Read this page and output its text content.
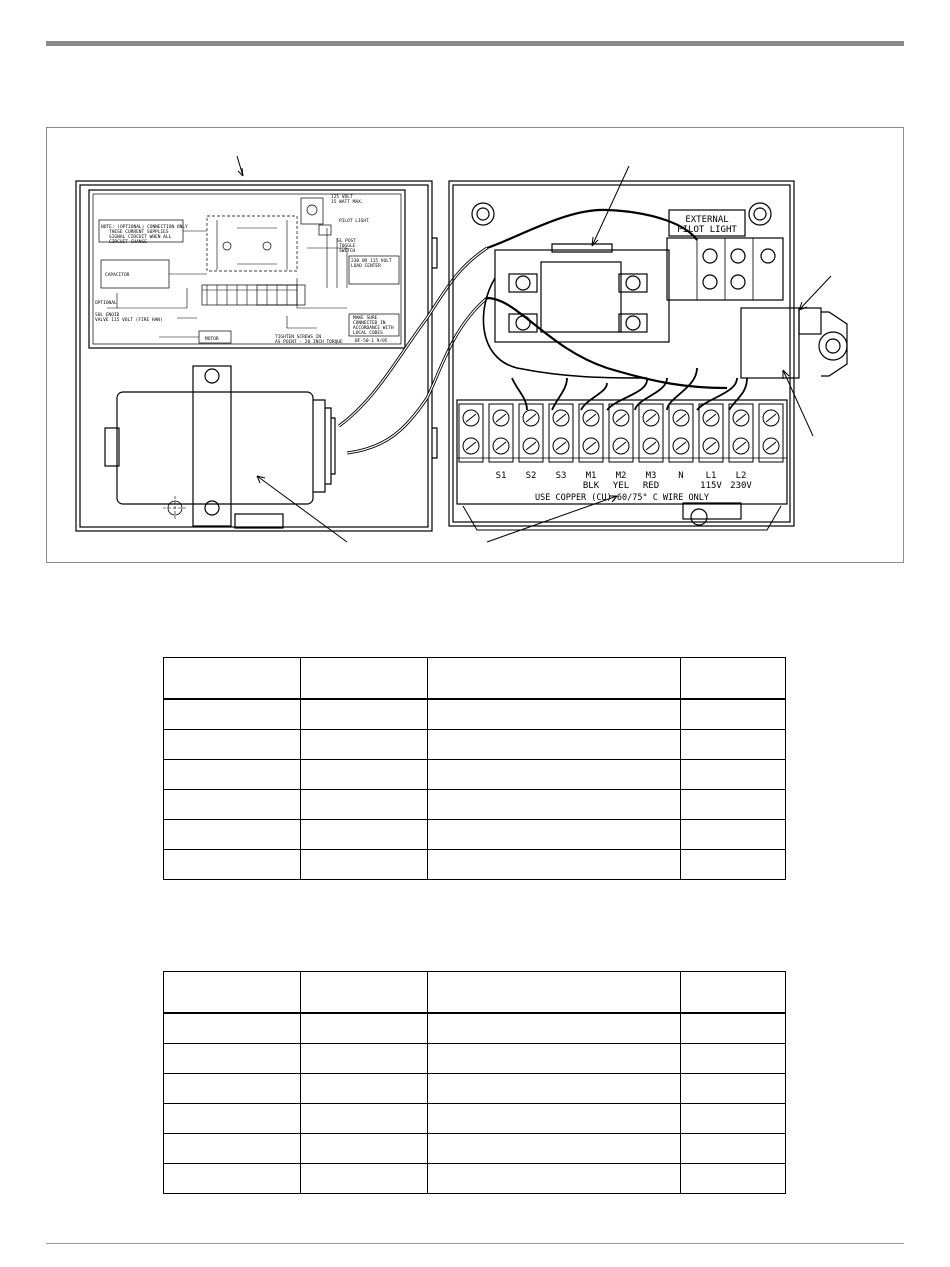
NOTE: (OPTIONAL) CONNECTION ONLY
THESE CURRENT SUPPLIES
SIGNAL CIRCUIT WHEN ALL
CIRCUIT CHANGE
CAPACITOR
125 VOLT
15 WATT MAX.
PILOT LIGHT
SL POST
TOGGLE
SWITCH
230 OR 115 VOLT
LOAD CENTER
OPTIONAL
SOL ENOID
VALVE 115 VOLT (FIRE HAN)
MOTOR	TIGHTEN SCREWS IN
AS POINT - 20 INCH TORQUE	BF-50-1 9/05
MAKE SURE
CONNECTED IN
ACCORDANCE WITH
LOCAL CODES
EXTERNAL
PILOT LIGHT
S1 S2 S3 M1
BLK
M2
YEL
M3
RED
N L1
115V
L2
230V
USE COPPER (CU),60/75° C WIRE ONLY
